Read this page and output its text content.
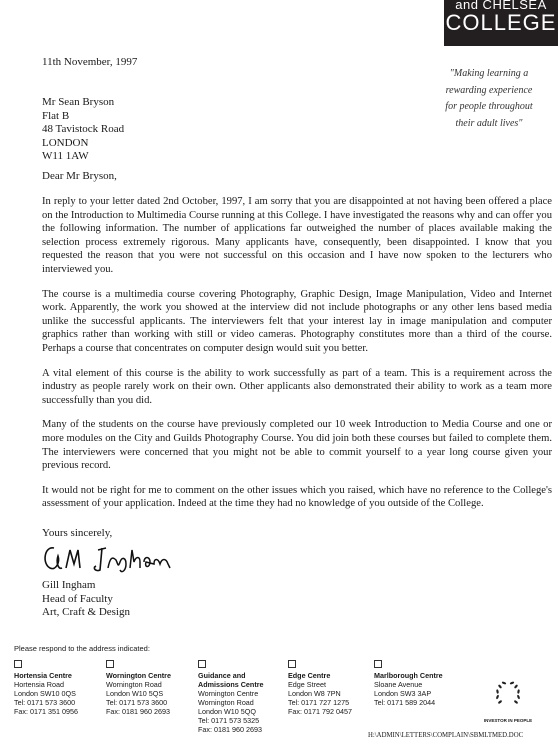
and CHELSEA
COLLEGE
"Making learning a
rewarding experience
for people throughout
their adult lives"
11th November, 1997
Mr Sean Bryson
Flat B
48 Tavistock Road
LONDON
W11 1AW
Dear Mr Bryson,

In reply to your letter dated 2nd October, 1997, I am sorry that you are disappointed at not having been offered a place on the Introduction to Multimedia Course running at this College. I have investigated the reasons why and can offer you the following information. The number of applications far outweighed the number of places available making the selection process extremely rigorous. Many applicants have, consequently, been disappointed. I know that you requested the reason that you were not successful on this occasion and I have now spoken to the lecturers who interviewed you.

The course is a multimedia course covering Photography, Graphic Design, Image Manipulation, Video and Internet work. Apparently, the work you showed at the interview did not include photographs or any other lens based media unlike the successful applicants. The interviewers felt that your interest lay in image manipulation and computer graphics rather than working with still or video cameras. Photography constitutes more than a third of the course. Perhaps a course that concentrates on computer design would suit you better.

A vital element of this course is the ability to work successfully as part of a team. This is a requirement across the industry as people rarely work on their own. Other applicants also demonstrated their ability to work as a team more successfully than you did.

Many of the students on the course have previously completed our 10 week Introduction to Media Course and one or more modules on the City and Guilds Photography Course. You did join both these courses but failed to complete them. The interviewers were concerned that you might not be able to commit yourself to a year long course given your previous record.

It would not be right for me to comment on the other issues which you raised, which have no reference to the College's assessment of your application. Indeed at the time they had no knowledge of you outside of the College.

Yours sincerely,
Gill Ingham
Head of Faculty
Art, Craft & Design
Please respond to the address indicated:
Hortensia Centre
Hortensia Road
London SW10 0QS
Tel: 0171 573 3600
Fax: 0171 351 0956
Wornington Centre
Wornington Road
London W10 5QS
Tel: 0171 573 3600
Fax: 0181 960 2693
Guidance and
Admissions Centre
Wornington Centre
Wornington Road
London W10 5QQ
Tel: 0171 573 5325
Fax: 0181 960 2693
Edge Centre
Edge Street
London W8 7PN
Tel: 0171 727 1275
Fax: 0171 792 0457
Marlborough Centre
Sloane Avenue
London SW3 3AP
Tel: 0171 589 2044
INVESTOR IN PEOPLE
H:\ADMIN\LETTERS\COMPLAIN\SBMLTMED.DOC
